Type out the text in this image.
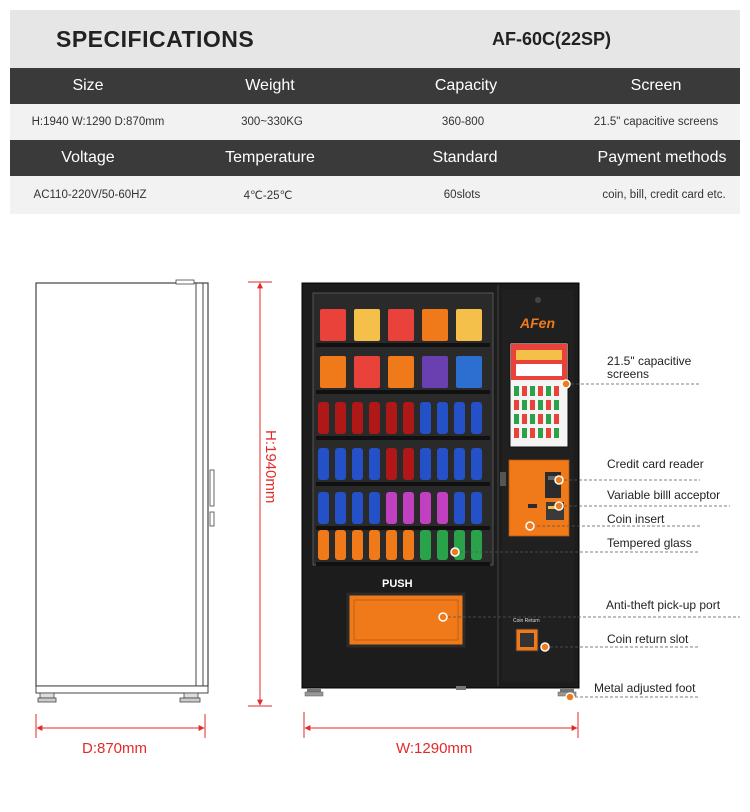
SPECIFICATIONS	AF-60C(22SP)
Size	Weight	Capacity	Screen
H:1940 W:1290 D:870mm	300~330KG	360-800	21.5" capacitive screens
Voltage	Temperature	Standard	Payment methods
AC110-220V/50-60HZ	4℃-25℃	60slots	coin, bill, credit card etc.
AFen
PUSH
Coin Return
D:870mm
H:1940mm
W:1290mm
21.5" capacitive screens
Credit card reader
Variable billl acceptor
Coin insert
Tempered glass
Anti-theft pick-up port
Coin return slot
Metal adjusted foot
